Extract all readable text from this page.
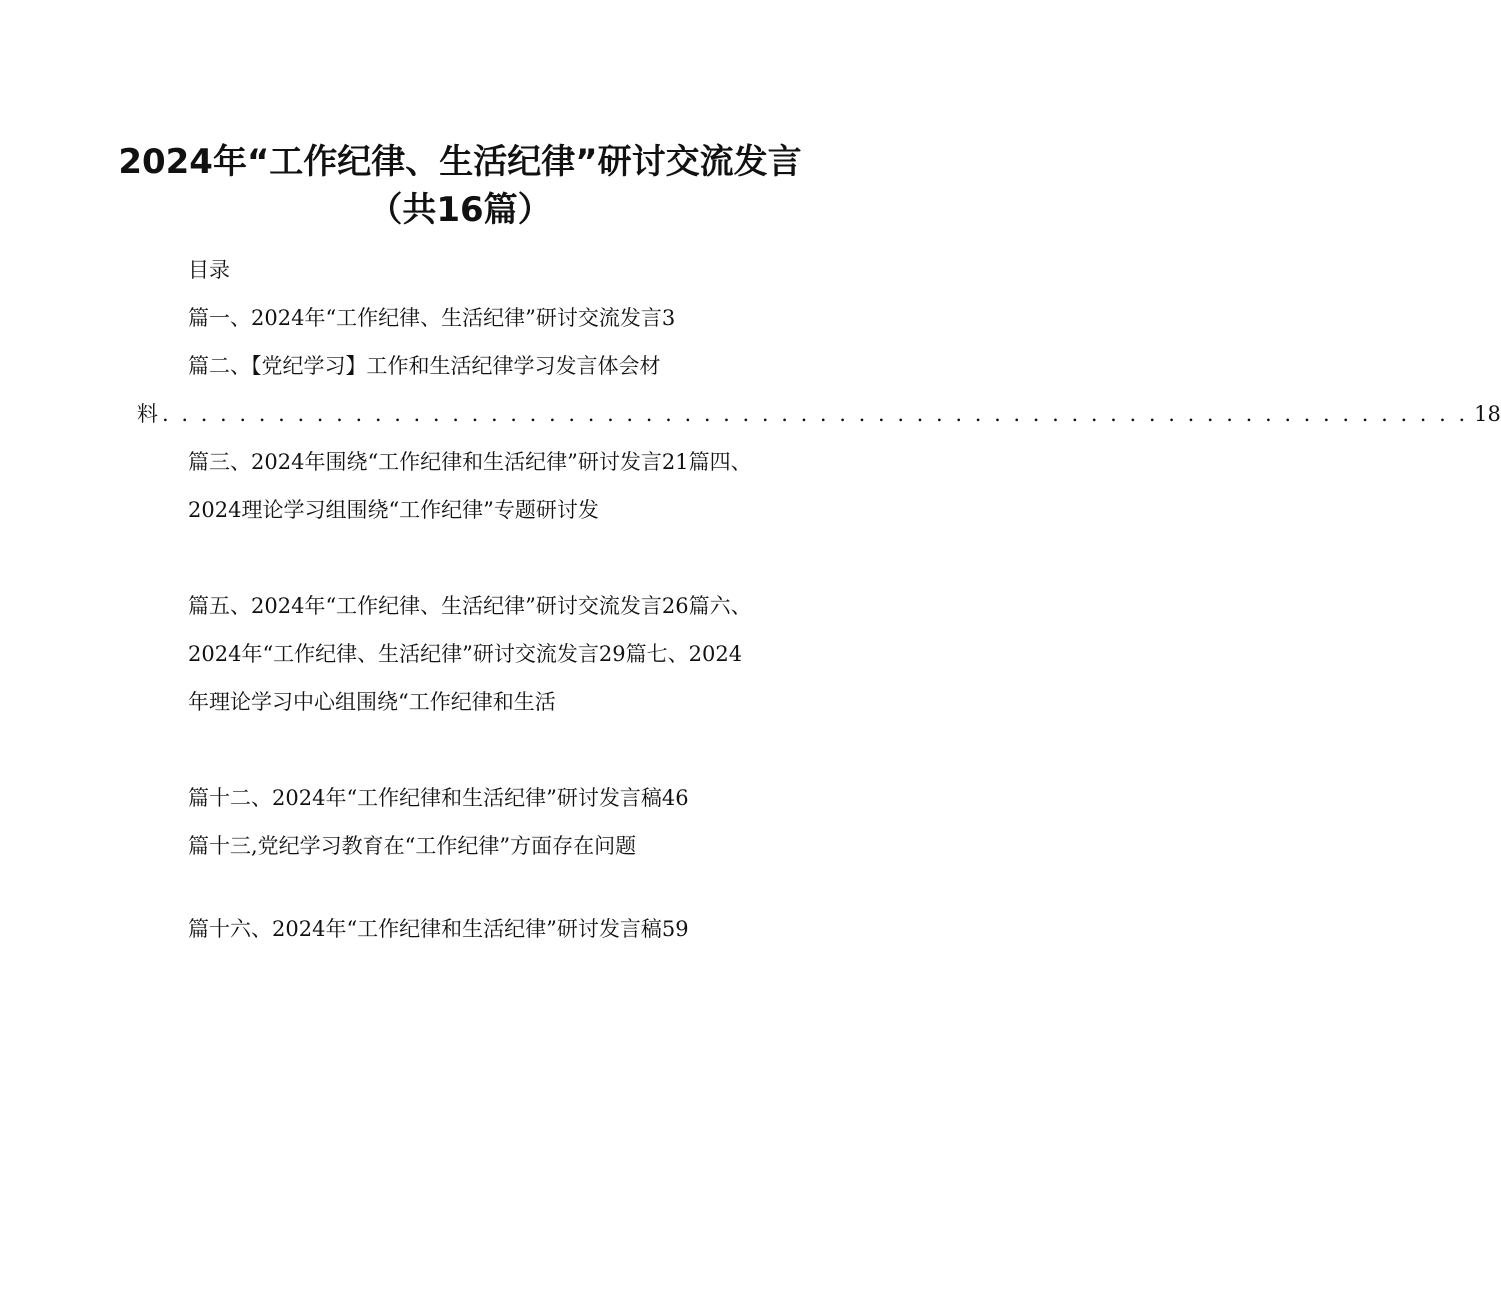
2024年“工作纪律、生活纪律”研讨交流发言
（共16篇）
目录
篇一、2024年“工作纪律、生活纪律”研讨交流发言3
篇二、【党纪学习】工作和生活纪律学习发言体会材
料 . . . . . . . . . . . . . . . . . . . . . . . . . . . . . . . . . . . . . . . . . . . . . . . . . . . . . . . . . . . . . . . . . . . . 18
篇三、2024年围绕“工作纪律和生活纪律”研讨发言21篇四、
2024理论学习组围绕“工作纪律”专题研讨发
篇五、2024年“工作纪律、生活纪律”研讨交流发言26篇六、
2024年“工作纪律、生活纪律”研讨交流发言29篇七、2024
年理论学习中心组围绕“工作纪律和生活
篇十二、2024年“工作纪律和生活纪律”研讨发言稿46
篇十三,党纪学习教育在“工作纪律”方面存在问题
篇十六、2024年“工作纪律和生活纪律”研讨发言稿59
